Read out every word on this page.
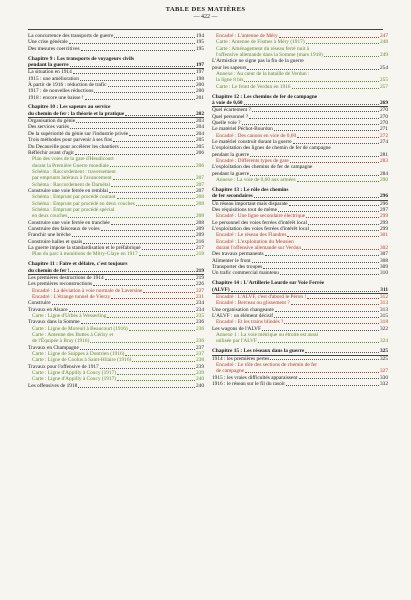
TABLE DES MATIÈRES
— 422 —
La concurrence des transports de guerre	194
Une crise générale	195
Des mesures coercitives	195
Chapitre 9 : Les transports de voyageurs civils
pendant la guerre	197
La situation en 1914	197
1915 : une amélioration	198
À partir de 1916 : réduction de trafic	200
1917 : de nouvelles réductions	200
1918 : encore une baisse !	201
Chapitre 10 : Les sapeurs au service
du chemin de fer : la théorie et la pratique	202
Organisation du génie	203
Des services variés	204
De la supériorité du génie sur l'industrie privée	204
Trois méthodes pour parvenir à ses fins	205
Du Decauville pour accélérer les chantiers	205
Réfléchir avant d'agir	206
Plan des voies de la gare d'Heudicourt
durant la Première Guerre mondiale	206
Schéma : Raccordement : traversement
par emprunts latéraux à l'avancement	207
Schéma : Raccordement de Darnétal	207
Construire une voie ferrée en remblai	207
Schéma : Emprunt par procédé courant	208
Schéma : Emprunt par procédé en deux couches	208
Schéma : Emprunt par procédé spécial
en deux couches	208
Construire une voie ferrée en tranchée	208
Construire des faisceaux de voies	209
Franchir une brèche	209
Construire halles et quais	216
La guerre impose la standardisation et le préfabriqué	217
Plan du parc à munitions de Mitry-Claye en 1917	218
Chapitre 11 : Faire et défaire, c'est toujours
du chemin de fer !	219
Les premières destructions de 1914	219
Les premières reconstructions	226
Encadré : La déviation à voie normale de Laversine	227
Encadré : L'étrange tunnel de Vierzy	231
Construire	234
Travaux en Alsace	234
Carte : Ligne d'Urbès à Wesserling	235
Travaux dans la Somme	236
Carte : Ligne de Moreuil à Beaucourt (1916)	236
Carte : Antenne des Buttes à Cérisy et
de l'Équipée à Bray (1916)	236
Travaux en Champagne	237
Carte : Ligne de Suippes à Dontrien (1916)	237
Carte : Ligne de Coolus à Saint-Hilaire (1916)	238
Travaux pour l'offensive de 1917	239
Carte : Ligne d'Appilly à Coucy (1917)	239
Carte : Ligne d'Appilly à Coucy (1917)	240
Les offensives de 1918	240
Encadré : L'antenne de Méry	247
Carte : Antenne de Fismes à Méry (1917)	248
Carte : Aménagement du réseau ferré nuit à
l'offensive allemande dans la Somme (mars 1918)	249
L'Armistice ne signe pas la fin de la guerre
pour les sapeurs	254
Annexe : Au cœur de la bataille de Verdun :
la ligne 8 bis	255
Carte : Le front de Verdun en 1916	257
Chapitre 12 : Les chemins de fer de campagne
à voie de 0,60	269
Quel écartement ?	270
Quel personnel ?	270
Quelle voie ?	270
Le matériel Péchot-Bourdon	271
Encadré : Des canons en voie de 0,60	272
Le matériel construit durant la guerre	274
L'exploitation des lignes de chemin de fer de campagne
pendant la guerre	281
Encadré : Différents types de gare	283
L'exploitation des chemins de fer de campagne
pendant la guerre	284
Annexe : La voie de 0,60 aux armées	290
Chapitre 13 : Le rôle des chemins
de fer secondaires	296
Un réseau important mais disparate	296
Des réquisitions tout de même	297
Encadré : Une ligne secondaire électrique	299
Le personnel des voies ferrées d'intérêt local	299
L'exploitation des voies ferrées d'intérêt local	299
Encadré : Le réseau des Flandres	301
Encadré : L'exploitation du Meusien
durant l'offensive allemande sur Verdun	302
Des travaux permanents	307
Alimenter le front	308
Transporter des troupes	309
Un trafic commercial maintenu	310
Chapitre 14 : L'Artillerie Lourde sur Voie Ferrée
(ALVF)	311
Encadré : L'ALVF, c'est d'abord le Péron !	312
Encadré : Berceau ou glissement ?	313
Une organisation changeante	313
L'ALVF : un élément décisif	315
Encadré : Et les trains blindés ?	318
Les wagons de l'ALVF	322
Annexe 1 : La voie métrique ou étroite est aussi
utilisée par l'ALVF	324
Chapitre 15 : Les réseaux dans la guerre	325
1914 : les premières pertes	325
Encadré : Le rôle des sections de chemin de fer
de campagne	327
1915 : les vraies difficultés apparaissent	330
1916 : le réseau sur le fil du rasoir	332
